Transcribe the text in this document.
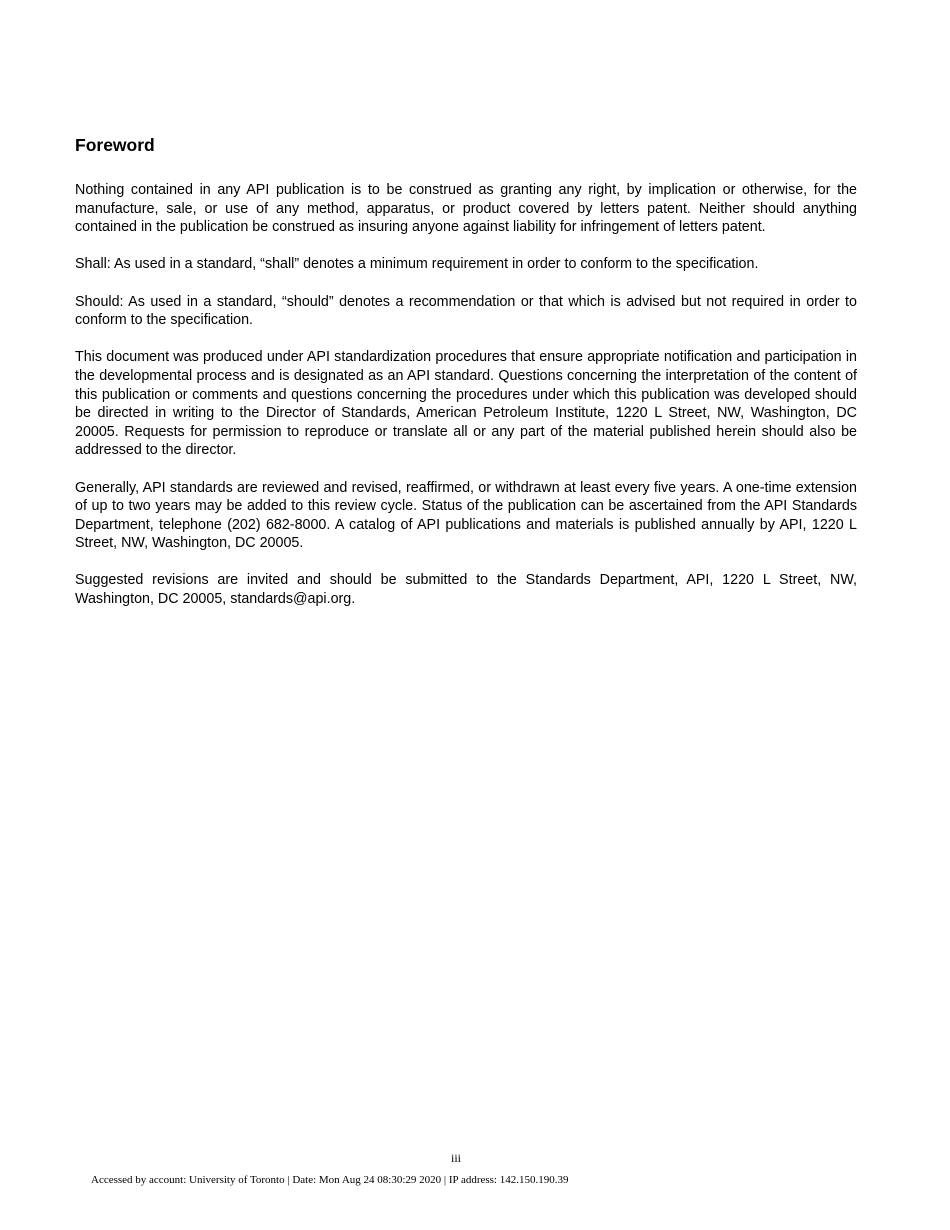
Foreword

Nothing contained in any API publication is to be construed as granting any right, by implication or otherwise, for the manufacture, sale, or use of any method, apparatus, or product covered by letters patent. Neither should anything contained in the publication be construed as insuring anyone against liability for infringement of letters patent.

Shall: As used in a standard, “shall” denotes a minimum requirement in order to conform to the specification.

Should: As used in a standard, “should” denotes a recommendation or that which is advised but not required in order to conform to the specification.

This document was produced under API standardization procedures that ensure appropriate notification and participation in the developmental process and is designated as an API standard. Questions concerning the interpretation of the content of this publication or comments and questions concerning the procedures under which this publication was developed should be directed in writing to the Director of Standards, American Petroleum Institute, 1220 L Street, NW, Washington, DC 20005. Requests for permission to reproduce or translate all or any part of the material published herein should also be addressed to the director.

Generally, API standards are reviewed and revised, reaffirmed, or withdrawn at least every five years. A one-time extension of up to two years may be added to this review cycle. Status of the publication can be ascertained from the API Standards Department, telephone (202) 682-8000. A catalog of API publications and materials is published annually by API, 1220 L Street, NW, Washington, DC 20005.

Suggested revisions are invited and should be submitted to the Standards Department, API, 1220 L Street, NW, Washington, DC 20005, standards@api.org.

iii
Accessed by account: University of Toronto | Date: Mon Aug 24 08:30:29 2020 | IP address: 142.150.190.39
